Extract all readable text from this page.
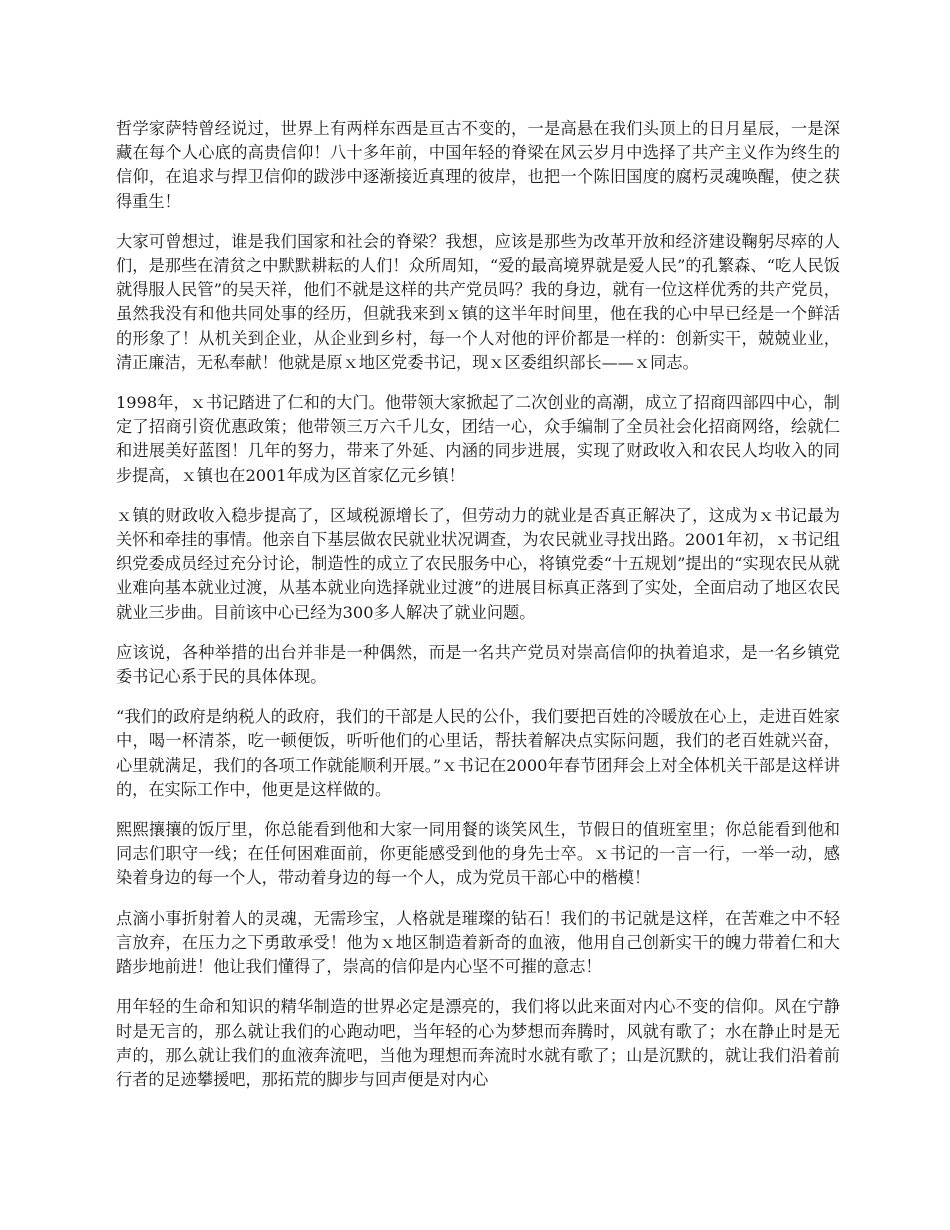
哲学家萨特曾经说过，世界上有两样东西是亘古不变的，一是高悬在我们头顶上的日月星辰，一是深藏在每个人心底的高贵信仰！八十多年前，中国年轻的脊梁在风云岁月中选择了共产主义作为终生的信仰，在追求与捍卫信仰的跋涉中逐渐接近真理的彼岸，也把一个陈旧国度的腐朽灵魂唤醒，使之获得重生！

大家可曾想过，谁是我们国家和社会的脊梁？我想，应该是那些为改革开放和经济建设鞠躬尽瘁的人们，是那些在清贫之中默默耕耘的人们！众所周知，“爱的最高境界就是爱人民”的孔繁森、“吃人民饭就得服人民管”的吴天祥，他们不就是这样的共产党员吗？我的身边，就有一位这样优秀的共产党员，虽然我没有和他共同处事的经历，但就我来到ｘ镇的这半年时间里，他在我的心中早已经是一个鲜活的形象了！从机关到企业，从企业到乡村，每一个人对他的评价都是一样的：创新实干，兢兢业业，清正廉洁，无私奉献！他就是原ｘ地区党委书记，现ｘ区委组织部长——ｘ同志。

1998年，ｘ书记踏进了仁和的大门。他带领大家掀起了二次创业的高潮，成立了招商四部四中心，制定了招商引资优惠政策；他带领三万六千儿女，团结一心，众手编制了全员社会化招商网络，绘就仁和进展美好蓝图！几年的努力，带来了外延、内涵的同步进展，实现了财政收入和农民人均收入的同步提高，ｘ镇也在2001年成为区首家亿元乡镇！

ｘ镇的财政收入稳步提高了，区域税源增长了，但劳动力的就业是否真正解决了，这成为ｘ书记最为关怀和牵挂的事情。他亲自下基层做农民就业状况调查，为农民就业寻找出路。2001年初，ｘ书记组织党委成员经过充分讨论，制造性的成立了农民服务中心，将镇党委“十五规划”提出的“实现农民从就业难向基本就业过渡，从基本就业向选择就业过渡”的进展目标真正落到了实处，全面启动了地区农民就业三步曲。目前该中心已经为300多人解决了就业问题。

应该说，各种举措的出台并非是一种偶然，而是一名共产党员对崇高信仰的执着追求，是一名乡镇党委书记心系于民的具体体现。

“我们的政府是纳税人的政府，我们的干部是人民的公仆，我们要把百姓的冷暖放在心上，走进百姓家中，喝一杯清茶，吃一顿便饭，听听他们的心里话，帮扶着解决点实际问题，我们的老百姓就兴奋，心里就满足，我们的各项工作就能顺利开展。”ｘ书记在2000年春节团拜会上对全体机关干部是这样讲的，在实际工作中，他更是这样做的。

熙熙攘攘的饭厅里，你总能看到他和大家一同用餐的谈笑风生，节假日的值班室里；你总能看到他和同志们职守一线；在任何困难面前，你更能感受到他的身先士卒。ｘ书记的一言一行，一举一动，感染着身边的每一个人，带动着身边的每一个人，成为党员干部心中的楷模！

点滴小事折射着人的灵魂，无需珍宝，人格就是璀璨的钻石！我们的书记就是这样，在苦难之中不轻言放弃，在压力之下勇敢承受！他为ｘ地区制造着新奇的血液，他用自己创新实干的魄力带着仁和大踏步地前进！他让我们懂得了，崇高的信仰是内心坚不可摧的意志！

用年轻的生命和知识的精华制造的世界必定是漂亮的，我们将以此来面对内心不变的信仰。风在宁静时是无言的，那么就让我们的心跑动吧，当年轻的心为梦想而奔腾时，风就有歌了；水在静止时是无声的，那么就让我们的血液奔流吧，当他为理想而奔流时水就有歌了；山是沉默的，就让我们沿着前行者的足迹攀援吧，那拓荒的脚步与回声便是对内心
